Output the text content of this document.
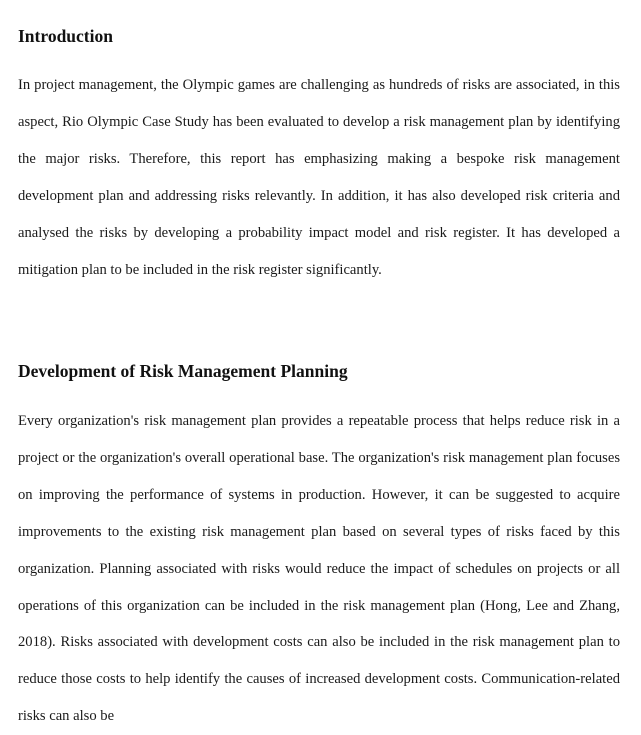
Introduction

In project management, the Olympic games are challenging as hundreds of risks are associated, in this aspect, Rio Olympic Case Study has been evaluated to develop a risk management plan by identifying the major risks. Therefore, this report has emphasizing making a bespoke risk management development plan and addressing risks relevantly. In addition, it has also developed risk criteria and analysed the risks by developing a probability impact model and risk register. It has developed a mitigation plan to be included in the risk register significantly.

Development of Risk Management Planning

Every organization's risk management plan provides a repeatable process that helps reduce risk in a project or the organization's overall operational base. The organization's risk management plan focuses on improving the performance of systems in production. However, it can be suggested to acquire improvements to the existing risk management plan based on several types of risks faced by this organization. Planning associated with risks would reduce the impact of schedules on projects or all operations of this organization can be included in the risk management plan (Hong, Lee and Zhang, 2018). Risks associated with development costs can also be included in the risk management plan to reduce those costs to help identify the causes of increased development costs. Communication-related risks can also be
